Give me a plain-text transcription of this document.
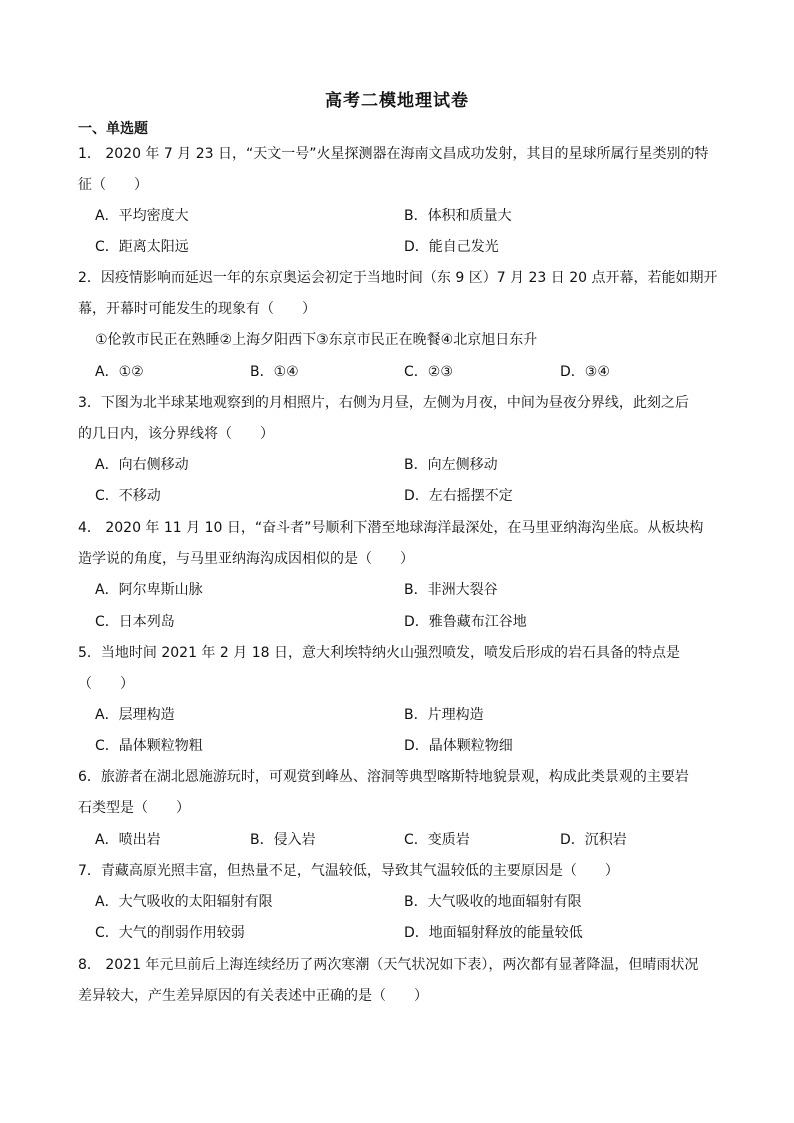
高考二模地理试卷
一、单选题
1． 2020 年 7 月 23 日，“天文一号”火星探测器在海南文昌成功发射，其目的星球所属行星类别的特
征（　　）
A．平均密度大	B．体积和质量大
C．距离太阳远	D．能自己发光
2．因疫情影响而延迟一年的东京奥运会初定于当地时间（东 9 区）7 月 23 日 20 点开幕，若能如期开
幕，开幕时可能发生的现象有（　　）
①伦敦市民正在熟睡②上海夕阳西下③东京市民正在晚餐④北京旭日东升
A．①②	B．①④	C．②③	D．③④
3．下图为北半球某地观察到的月相照片，右侧为月昼，左侧为月夜，中间为昼夜分界线，此刻之后
的几日内，该分界线将（　　）
A．向右侧移动	B．向左侧移动
C．不移动	D．左右摇摆不定
4． 2020 年 11 月 10 日，“奋斗者”号顺利下潜至地球海洋最深处，在马里亚纳海沟坐底。从板块构
造学说的角度，与马里亚纳海沟成因相似的是（　　）
A．阿尔卑斯山脉	B．非洲大裂谷
C．日本列岛	D．雅鲁藏布江谷地
5．当地时间 2021 年 2 月 18 日，意大利埃特纳火山强烈喷发，喷发后形成的岩石具备的特点是
（　　）
A．层理构造	B．片理构造
C．晶体颗粒物粗	D．晶体颗粒物细
6．旅游者在湖北恩施游玩时，可观赏到峰丛、溶洞等典型喀斯特地貌景观，构成此类景观的主要岩
石类型是（　　）
A．喷出岩	B．侵入岩	C．变质岩	D．沉积岩
7．青藏高原光照丰富，但热量不足，气温较低，导致其气温较低的主要原因是（　　）
A．大气吸收的太阳辐射有限	B．大气吸收的地面辐射有限
C．大气的削弱作用较弱	D．地面辐射释放的能量较低
8． 2021 年元旦前后上海连续经历了两次寒潮（天气状况如下表），两次都有显著降温，但晴雨状况
差异较大，产生差异原因的有关表述中正确的是（　　）
